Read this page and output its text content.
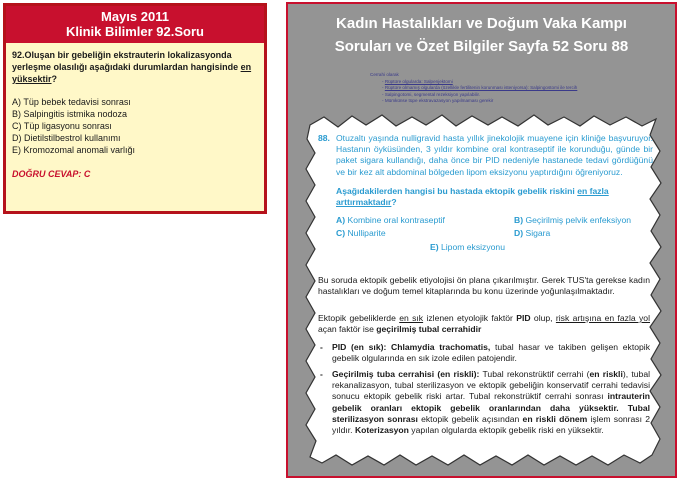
Mayıs 2011
Klinik Bilimler 92.Soru
92.Oluşan bir gebeliğin ekstrauterin lokalizasyonda yerleşme olasılığı aşağıdaki durumlardan hangisinde en yüksektir?
A) Tüp bebek tedavisi sonrası
B) Salpingitis istmika nodoza
C) Tüp ligasyonu sonrası
D) Dietilstilbestrol kullanımı
E) Kromozomal anomali varlığı
DOĞRU CEVAP: C
Kadın Hastalıkları ve Doğum Vaka Kampı
Soruları ve Özet Bilgiler Sayfa 52 Soru 88
Cerrahi olarak
- Rüptüre olgularda: Salpenjektomi
- Rüptüre olmamış olgularda (özellikle fertilitenin korunması isteniyorsa): Salpingostomi ile tercih
- Salpingotomi, segmental rezeksiyon yapılabilir.
- Mümkünse tüpe ekstravazasyon yapılmaması gerekir
88. Otuzaltı yaşında nulligravid hasta yıllık jinekolojik muayene için kliniğe başvuruyor. Hastanın öyküsünden, 3 yıldır kombine oral kontraseptif ile korunduğu, günde bir paket sigara kullandığı, daha önce bir PID nedeniyle hastanede tedavi gördüğünü ve bir kez alt abdominal bölgeden lipom eksizyonu yaptırdığını öğreniyoruz.
Aşağıdakilerden hangisi bu hastada ektopik gebelik riskini en fazla arttırmaktadır?
A) Kombine oral kontraseptif	B) Geçirilmiş pelvik enfeksiyon
C) Nulliparite	D) Sigara
E) Lipom eksizyonu
Bu soruda ektopik gebelik etiyolojisi ön plana çıkarılmıştır. Gerek TUS'ta gerekse kadın hastalıkları ve doğum temel kitaplarında bu konu üzerinde yoğunlaşılmaktadır.
Ektopik gebeliklerde en sık izlenen etyolojik faktör PID olup, risk artışına en fazla yol açan faktör ise geçirilmiş tubal cerrahidir
- PID (en sık): Chlamydia trachomatis, tubal hasar ve takiben gelişen ektopik gebelik olgularında en sık izole edilen patojendir.
- Geçirilmiş tuba cerrahisi (en riskli): Tubal rekonstrüktif cerrahi (en riskli), tubal rekanalizasyon, tubal sterilizasyon ve ektopik gebeliğin konservatif cerrahi tedavisi sonucu ektopik gebelik riski artar. Tubal rekonstrüktif cerrahi sonrası intrauterin gebelik oranları ektopik gebelik oranlarından daha yüksektir. Tubal sterilizasyon sonrası ektopik gebelik açısından en riskli dönem işlem sonrası 2 yıldır. Koterizasyon yapılan olgularda ektopik gebelik riski en yüksektir.
